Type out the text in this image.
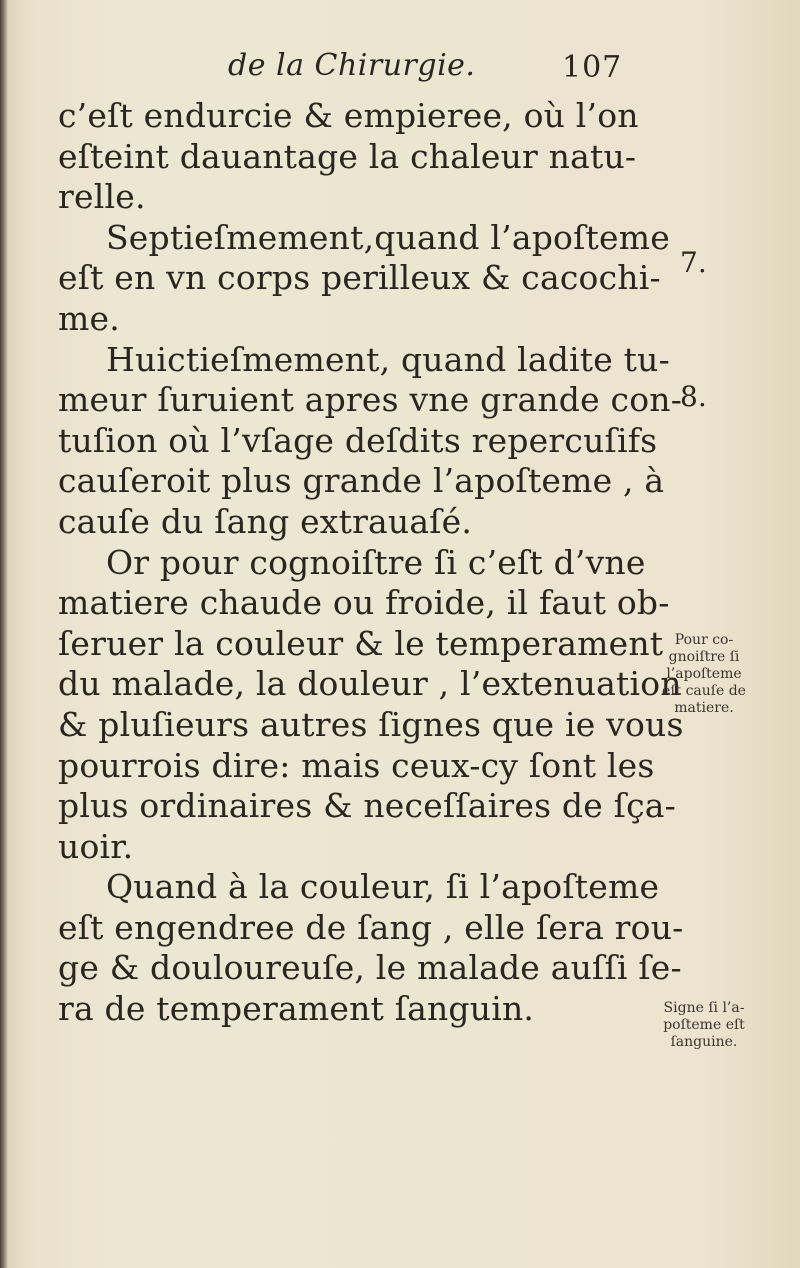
de la Chirurgie.	107
c’eſt endurcie & empieree, où l’on
eſteint dauantage la chaleur natu-
relle.
Septieſmement,quand l’apoſteme
eſt en vn corps perilleux & cacochi-
me.
Huictieſmement, quand ladite tu-
meur ſuruient apres vne grande con-
tuſion où l’vſage deſdits repercuſifs
cauſeroit plus grande l’apoſteme , à
cauſe du ſang extrauaſé.
Or pour cognoiſtre ſi c’eſt d’vne
matiere chaude ou froide, il faut ob-
ſeruer la couleur & le temperament
du malade, la douleur , l’extenuation
& pluſieurs autres ſignes que ie vous
pourrois dire: mais ceux-cy ſont les
plus ordinaires & neceſſaires de ſça-
uoir.
Quand à la couleur, ſi l’apoſteme
eſt engendree de ſang , elle ſera rou-
ge & douloureuſe, le malade auſſi ſe-
ra de temperament ſanguin.
7.
8.
Pour co-
gnoiſtre ſi
l’apoſteme
eſt cauſe de
matiere.
Signe ſi l’a-
poſteme eſt
ſanguine.
